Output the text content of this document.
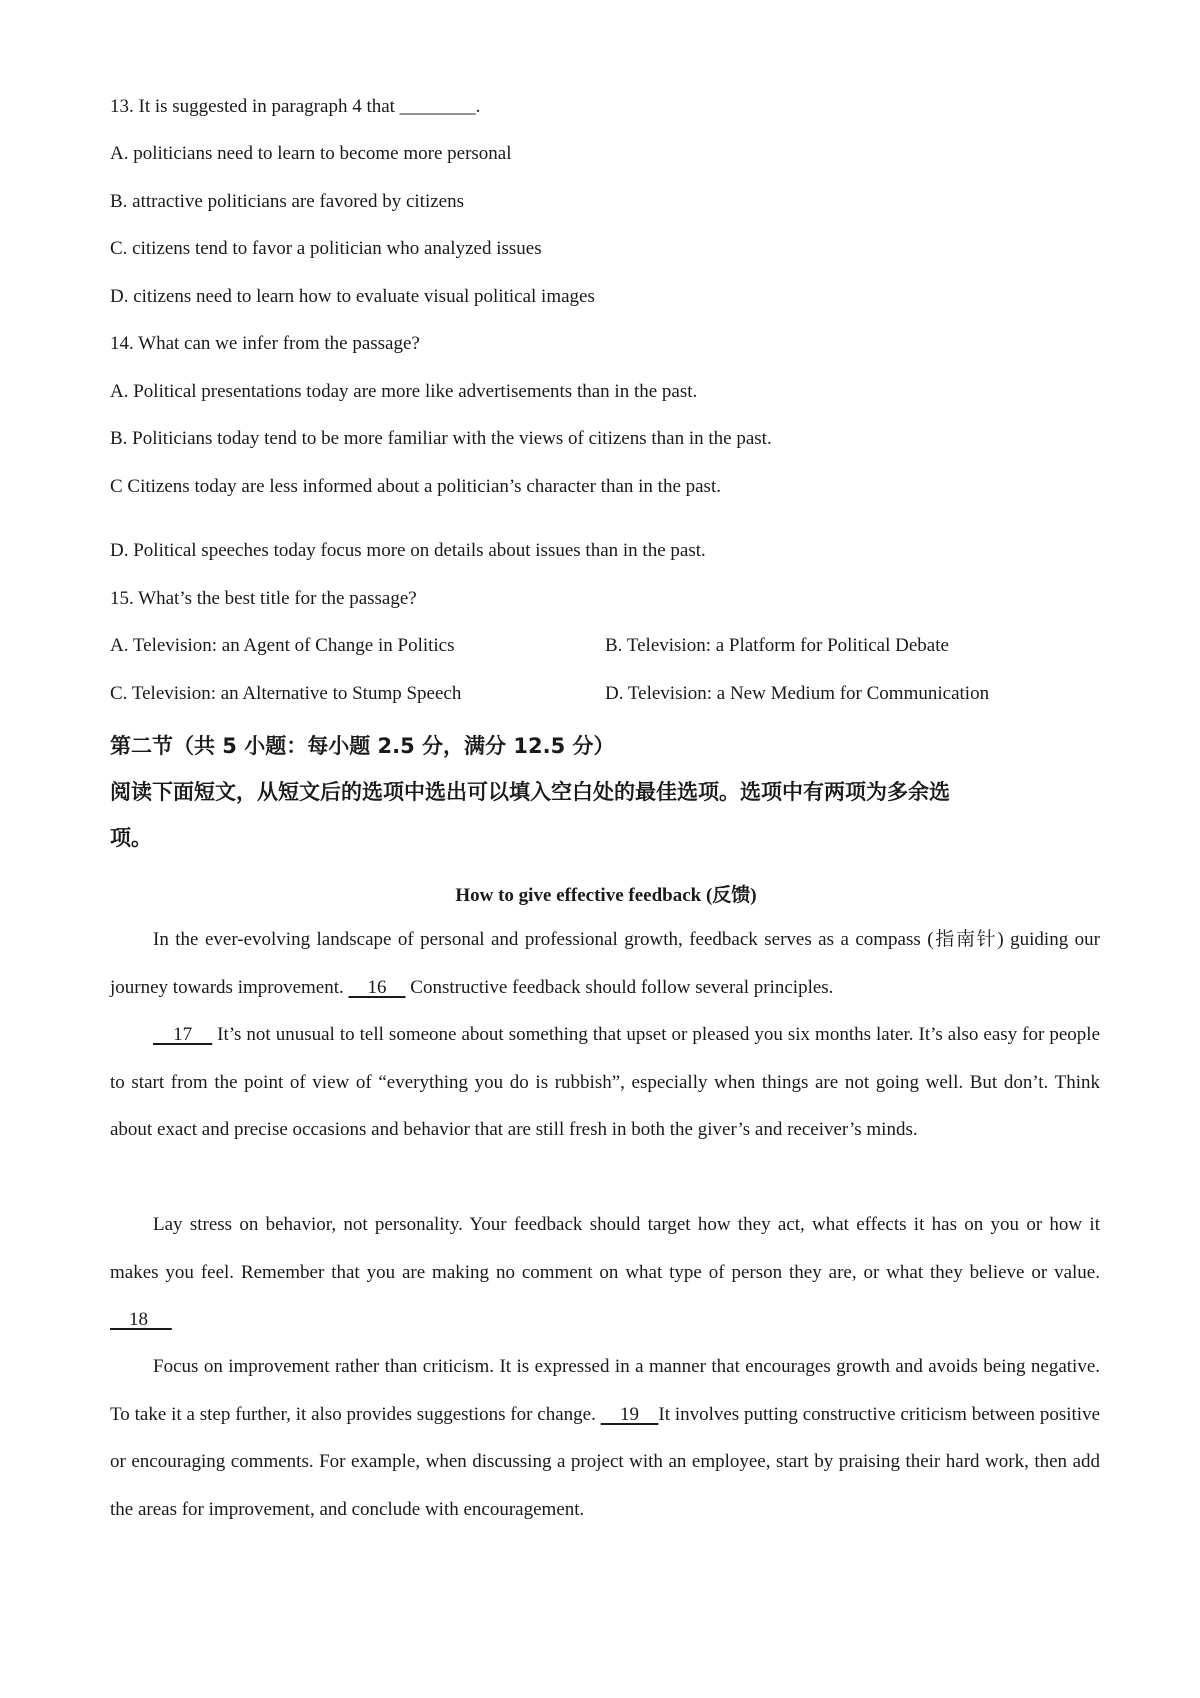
13. It is suggested in paragraph 4 that ________.
A. politicians need to learn to become more personal
B. attractive politicians are favored by citizens
C. citizens tend to favor a politician who analyzed issues
D. citizens need to learn how to evaluate visual political images
14. What can we infer from the passage?
A. Political presentations today are more like advertisements than in the past.
B. Politicians today tend to be more familiar with the views of citizens than in the past.
C Citizens today are less informed about a politician’s character than in the past.
D. Political speeches today focus more on details about issues than in the past.
15. What’s the best title for the passage?
A. Television: an Agent of Change in Politics	B. Television: a Platform for Political Debate
C. Television: an Alternative to Stump Speech	D. Television: a New Medium for Communication
第二节（共 5 小题：每小题 2.5 分，满分 12.5 分）
阅读下面短文，从短文后的选项中选出可以填入空白处的最佳选项。选项中有两项为多余选
项。
How to give effective feedback (反馈)
In the ever-evolving landscape of personal and professional growth, feedback serves as a compass (指南针) guiding our journey towards improvement.     16     Constructive feedback should follow several principles.
17     It’s not unusual to tell someone about something that upset or pleased you six months later. It’s also easy for people to start from the point of view of “everything you do is rubbish”, especially when things are not going well. But don’t. Think about exact and precise occasions and behavior that are still fresh in both the giver’s and receiver’s minds.
Lay stress on behavior, not personality. Your feedback should target how they act, what effects it has on you or how it makes you feel. Remember that you are making no comment on what type of person they are, or what they believe or value.     18
Focus on improvement rather than criticism. It is expressed in a manner that encourages growth and avoids being negative. To take it a step further, it also provides suggestions for change.     19    It involves putting constructive criticism between positive or encouraging comments. For example, when discussing a project with an employee, start by praising their hard work, then add the areas for improvement, and conclude with encouragement.
